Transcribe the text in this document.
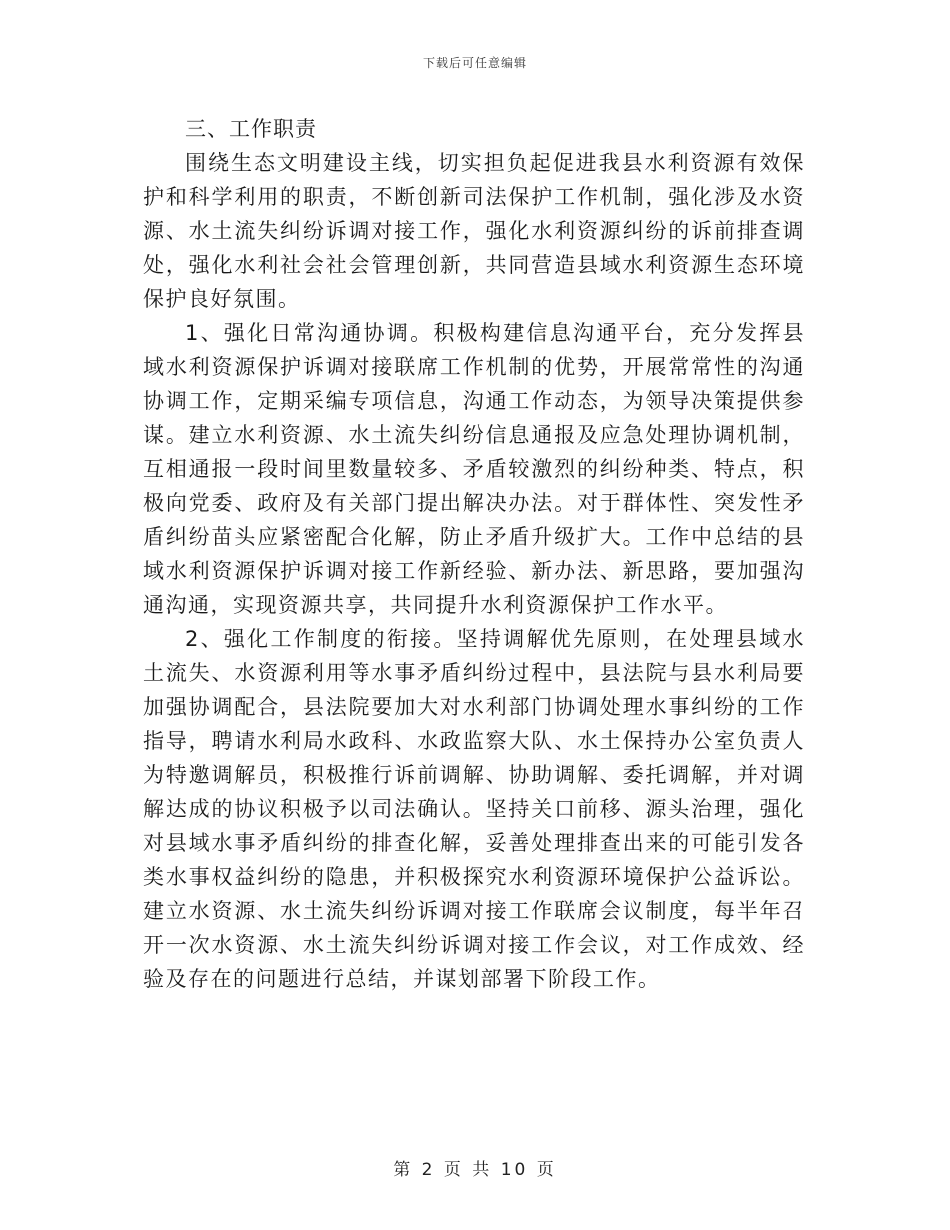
下载后可任意编辑
三、工作职责

围绕生态文明建设主线，切实担负起促进我县水利资源有效保护和科学利用的职责，不断创新司法保护工作机制，强化涉及水资源、水土流失纠纷诉调对接工作，强化水利资源纠纷的诉前排查调处，强化水利社会社会管理创新，共同营造县域水利资源生态环境保护良好氛围。

1、强化日常沟通协调。积极构建信息沟通平台，充分发挥县域水利资源保护诉调对接联席工作机制的优势，开展常常性的沟通协调工作，定期采编专项信息，沟通工作动态，为领导决策提供参谋。建立水利资源、水土流失纠纷信息通报及应急处理协调机制，互相通报一段时间里数量较多、矛盾较激烈的纠纷种类、特点，积极向党委、政府及有关部门提出解决办法。对于群体性、突发性矛盾纠纷苗头应紧密配合化解，防止矛盾升级扩大。工作中总结的县域水利资源保护诉调对接工作新经验、新办法、新思路，要加强沟通沟通，实现资源共享，共同提升水利资源保护工作水平。

2、强化工作制度的衔接。坚持调解优先原则，在处理县域水土流失、水资源利用等水事矛盾纠纷过程中，县法院与县水利局要加强协调配合，县法院要加大对水利部门协调处理水事纠纷的工作指导，聘请水利局水政科、水政监察大队、水土保持办公室负责人为特邀调解员，积极推行诉前调解、协助调解、委托调解，并对调解达成的协议积极予以司法确认。坚持关口前移、源头治理，强化对县域水事矛盾纠纷的排查化解，妥善处理排查出来的可能引发各类水事权益纠纷的隐患，并积极探究水利资源环境保护公益诉讼。建立水资源、水土流失纠纷诉调对接工作联席会议制度，每半年召开一次水资源、水土流失纠纷诉调对接工作会议，对工作成效、经验及存在的问题进行总结，并谋划部署下阶段工作。

第 2 页 共 10 页
